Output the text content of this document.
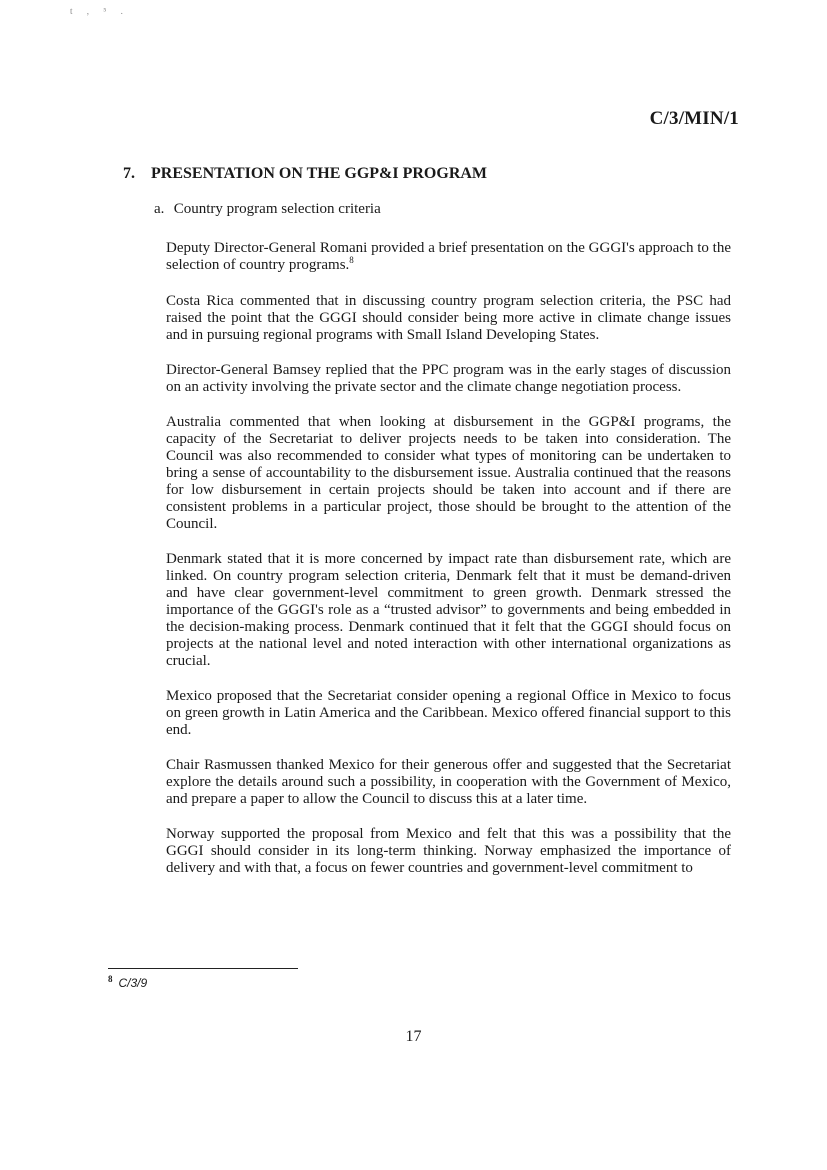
t , ⁵ .
C/3/MIN/1
7. PRESENTATION ON THE GGP&I PROGRAM
a. Country program selection criteria

Deputy Director-General Romani provided a brief presentation on the GGGI's approach to the selection of country programs.$^8$

Costa Rica commented that in discussing country program selection criteria, the PSC had raised the point that the GGGI should consider being more active in climate change issues and in pursuing regional programs with Small Island Developing States.

Director-General Bamsey replied that the PPC program was in the early stages of discussion on an activity involving the private sector and the climate change negotiation process.

Australia commented that when looking at disbursement in the GGP&I programs, the capacity of the Secretariat to deliver projects needs to be taken into consideration. The Council was also recommended to consider what types of monitoring can be undertaken to bring a sense of accountability to the disbursement issue. Australia continued that the reasons for low disbursement in certain projects should be taken into account and if there are consistent problems in a particular project, those should be brought to the attention of the Council.

Denmark stated that it is more concerned by impact rate than disbursement rate, which are linked. On country program selection criteria, Denmark felt that it must be demand-driven and have clear government-level commitment to green growth. Denmark stressed the importance of the GGGI's role as a “trusted advisor” to governments and being embedded in the decision-making process. Denmark continued that it felt that the GGGI should focus on projects at the national level and noted interaction with other international organizations as crucial.

Mexico proposed that the Secretariat consider opening a regional Office in Mexico to focus on green growth in Latin America and the Caribbean. Mexico offered financial support to this end.

Chair Rasmussen thanked Mexico for their generous offer and suggested that the Secretariat explore the details around such a possibility, in cooperation with the Government of Mexico, and prepare a paper to allow the Council to discuss this at a later time.

Norway supported the proposal from Mexico and felt that this was a possibility that the GGGI should consider in its long-term thinking. Norway emphasized the importance of delivery and with that, a focus on fewer countries and government-level commitment to

$^8$ C/3/9
17
